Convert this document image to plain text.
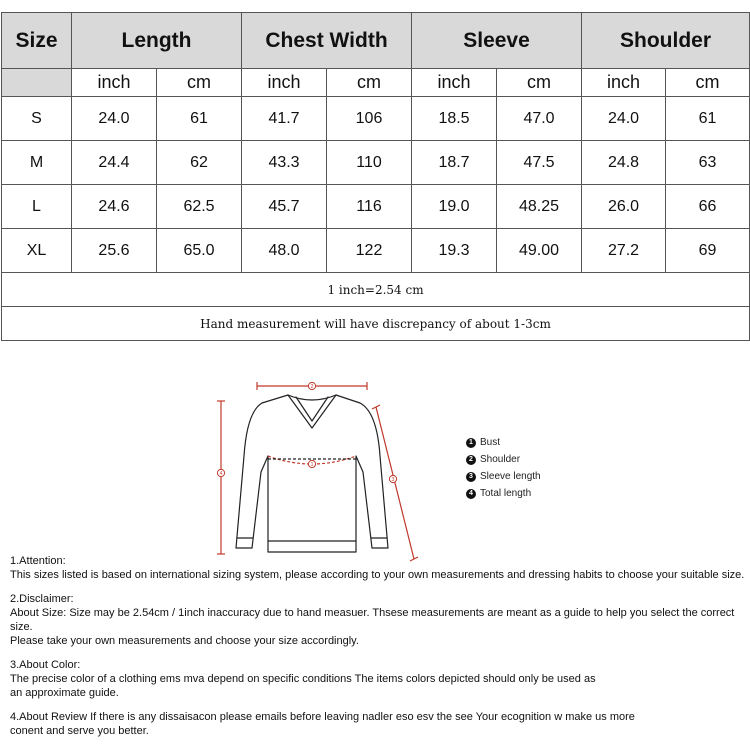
Size	Length		Chest Width		Sleeve		Shoulder	
	inch	cm	inch	cm	inch	cm	inch	cm
S	24.0	61	41.7	106	18.5	47.0	24.0	61
M	24.4	62	43.3	110	18.7	47.5	24.8	63
L	24.6	62.5	45.7	116	19.0	48.25	26.0	66
XL	25.6	65.0	48.0	122	19.3	49.00	27.2	69
1 inch=2.54 cm								
Hand measurement will have discrepancy of about 1-3cm								
2
1
4
3
1 Bust
2 Shoulder
3 Sleeve length
4 Total length

1.Attention:

This sizes listed is based on international sizing system, please according to your own measurements and dressing habits to choose your suitable size.

2.Disclaimer:

About Size: Size may be 2.54cm / 1inch inaccuracy due to hand measuer. Thsese measurements are meant as a guide to help you select the correct size.

Please take your own measurements and choose your size accordingly.

3.About Color:

The precise color of a clothing ems mva depend on specific conditions The items colors depicted should only be used as

an approximate guide.

4.About Review If there is any dissaisacon please emails before leaving nadler eso esv the see Your ecognition w make us more

conent and serve you better.
